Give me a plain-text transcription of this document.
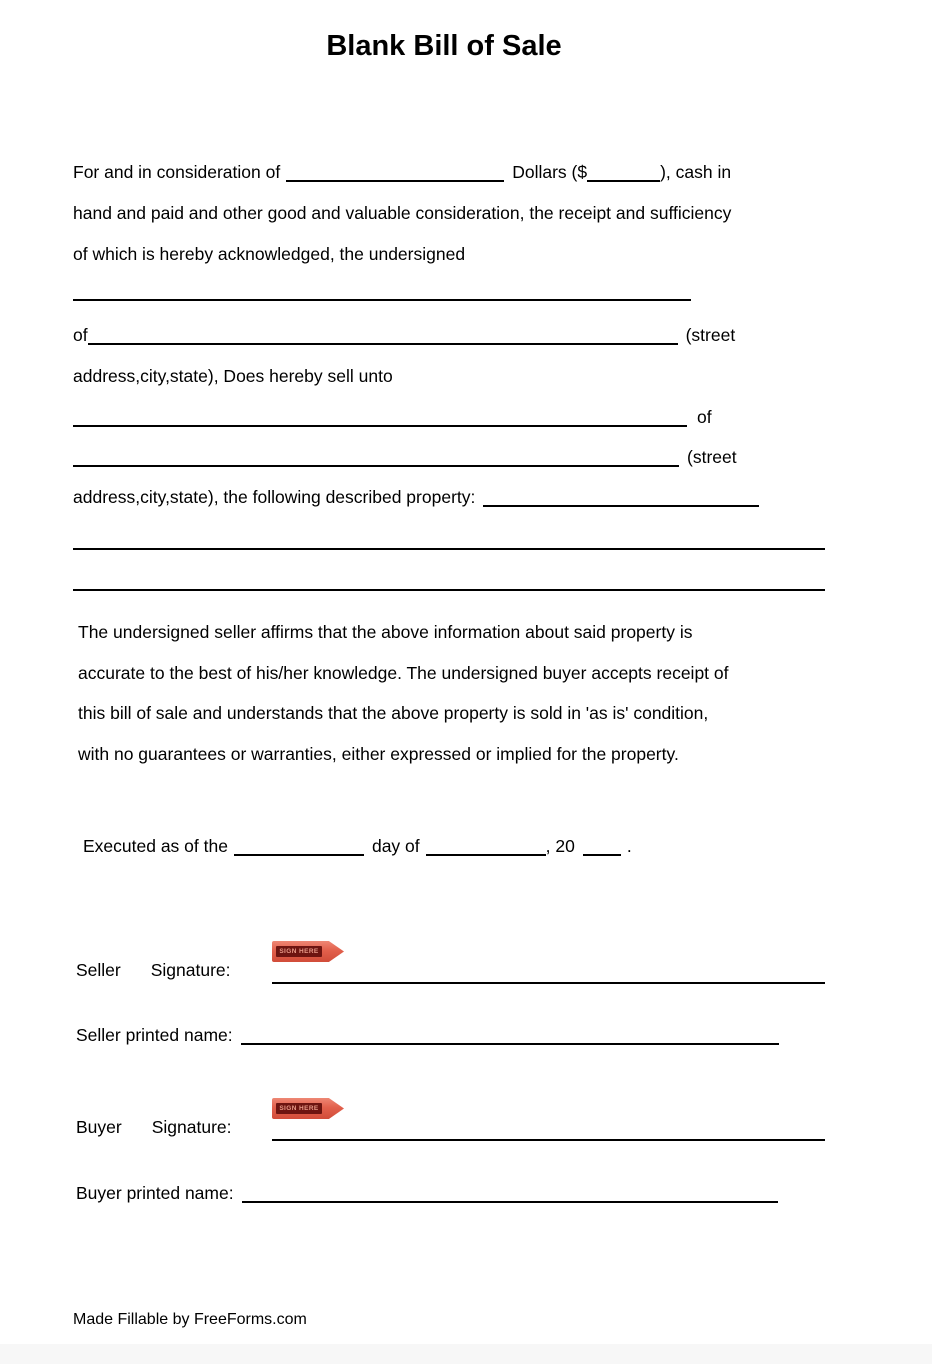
Blank Bill of Sale
For and in consideration of	Dollars ($	), cash in
hand and paid and other good and valuable consideration, the receipt and sufficiency
of which is hereby acknowledged, the undersigned
of	(street
address,city,state), Does hereby sell unto
of
(street
address,city,state), the following described property:
The undersigned seller affirms that the above information about said property is
accurate to the best of his/her knowledge. The undersigned buyer accepts receipt of
this bill of sale and understands that the above property is sold in 'as is' condition,
with no guarantees or warranties, either expressed or implied for the property.
Executed as of the	day of	, 20	.
SIGN HERE
Seller Signature:
Seller printed name:
SIGN HERE
Buyer Signature:
Buyer printed name:
Made Fillable by FreeForms.com
